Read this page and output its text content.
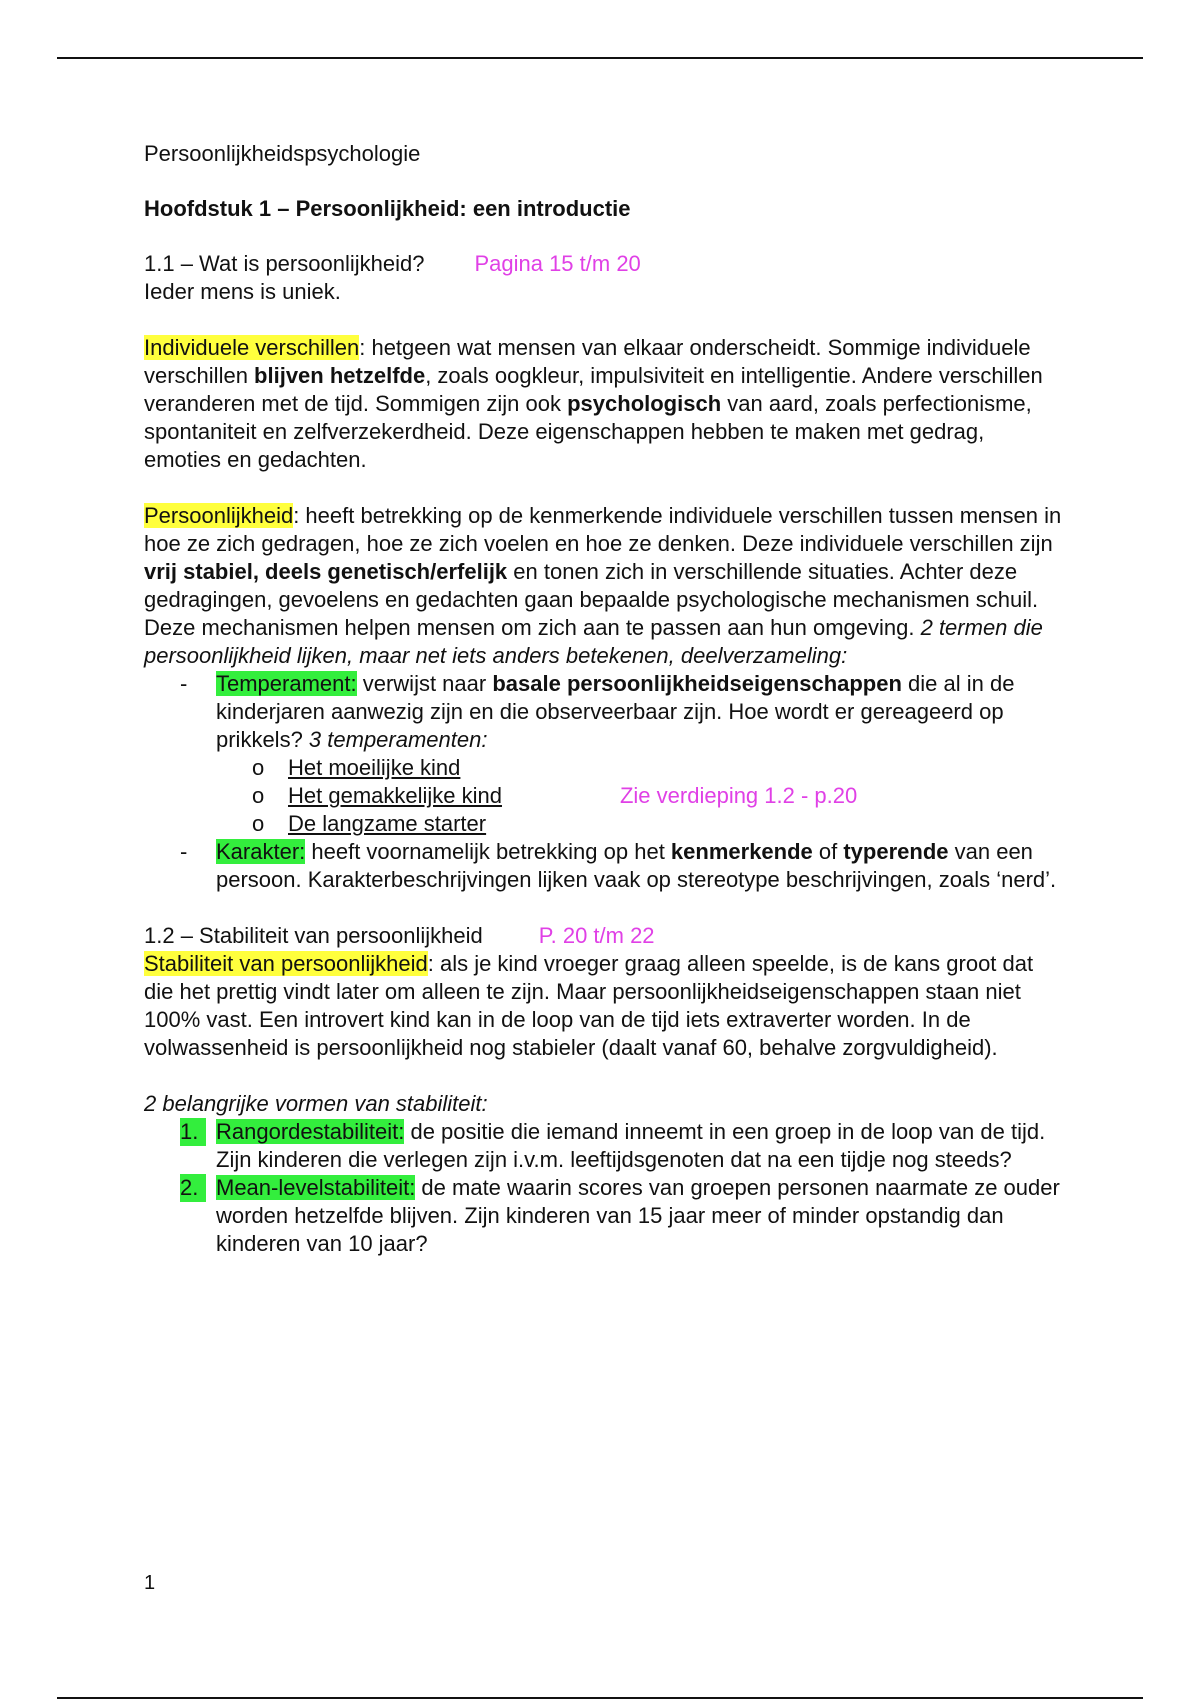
Persoonlijkheidspsychologie

Hoofdstuk 1 – Persoonlijkheid: een introductie

1.1 – Wat is persoonlijkheid? Pagina 15 t/m 20

Ieder mens is uniek.

Individuele verschillen: hetgeen wat mensen van elkaar onderscheidt. Sommige individuele verschillen blijven hetzelfde, zoals oogkleur, impulsiviteit en intelligentie. Andere verschillen veranderen met de tijd. Sommigen zijn ook psychologisch van aard, zoals perfectionisme, spontaniteit en zelfverzekerdheid. Deze eigenschappen hebben te maken met gedrag, emoties en gedachten.

Persoonlijkheid: heeft betrekking op de kenmerkende individuele verschillen tussen mensen in hoe ze zich gedragen, hoe ze zich voelen en hoe ze denken. Deze individuele verschillen zijn vrij stabiel, deels genetisch/erfelijk en tonen zich in verschillende situaties. Achter deze gedragingen, gevoelens en gedachten gaan bepaalde psychologische mechanismen schuil. Deze mechanismen helpen mensen om zich aan te passen aan hun omgeving. 2 termen die persoonlijkheid lijken, maar net iets anders betekenen, deelverzameling:

- Temperament: verwijst naar basale persoonlijkheidseigenschappen die al in de kinderjaren aanwezig zijn en die observeerbaar zijn. Hoe wordt er gereageerd op prikkels? 3 temperamenten:
o Het moeilijke kind
o Het gemakkelijke kind	Zie verdieping 1.2 - p.20
o De langzame starter
- Karakter: heeft voornamelijk betrekking op het kenmerkende of typerende van een persoon. Karakterbeschrijvingen lijken vaak op stereotype beschrijvingen, zoals ‘nerd’.

1.2 – Stabiliteit van persoonlijkheid	P. 20 t/m 22

Stabiliteit van persoonlijkheid: als je kind vroeger graag alleen speelde, is de kans groot dat die het prettig vindt later om alleen te zijn. Maar persoonlijkheidseigenschappen staan niet 100% vast. Een introvert kind kan in de loop van de tijd iets extraverter worden. In de volwassenheid is persoonlijkheid nog stabieler (daalt vanaf 60, behalve zorgvuldigheid).

2 belangrijke vormen van stabiliteit:

1. Rangordestabiliteit: de positie die iemand inneemt in een groep in de loop van de tijd. Zijn kinderen die verlegen zijn i.v.m. leeftijdsgenoten dat na een tijdje nog steeds?
2. Mean-levelstabiliteit: de mate waarin scores van groepen personen naarmate ze ouder worden hetzelfde blijven. Zijn kinderen van 15 jaar meer of minder opstandig dan kinderen van 10 jaar?
1
